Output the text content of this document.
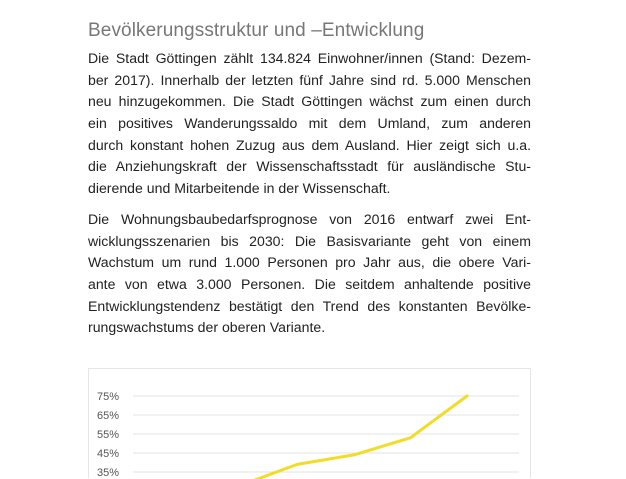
Bevölkerungsstruktur und –Entwicklung
Die Stadt Göttingen zählt 134.824 Einwohner/innen (Stand: Dezem-
ber 2017). Innerhalb der letzten fünf Jahre sind rd. 5.000 Menschen
neu hinzugekommen. Die Stadt Göttingen wächst zum einen durch
ein positives Wanderungssaldo mit dem Umland, zum anderen
durch konstant hohen Zuzug aus dem Ausland. Hier zeigt sich u.a.
die Anziehungskraft der Wissenschaftsstadt für ausländische Stu-
dierende und Mitarbeitende in der Wissenschaft.
Die Wohnungsbaubedarfsprognose von 2016 entwarf zwei Ent-
wicklungsszenarien bis 2030: Die Basisvariante geht von einem
Wachstum um rund 1.000 Personen pro Jahr aus, die obere Vari-
ante von etwa 3.000 Personen. Die seitdem anhaltende positive
Entwicklungstendenz bestätigt den Trend des konstanten Bevölke-
rungswachstums der oberen Variante.
75%
65%
55%
45%
35%
